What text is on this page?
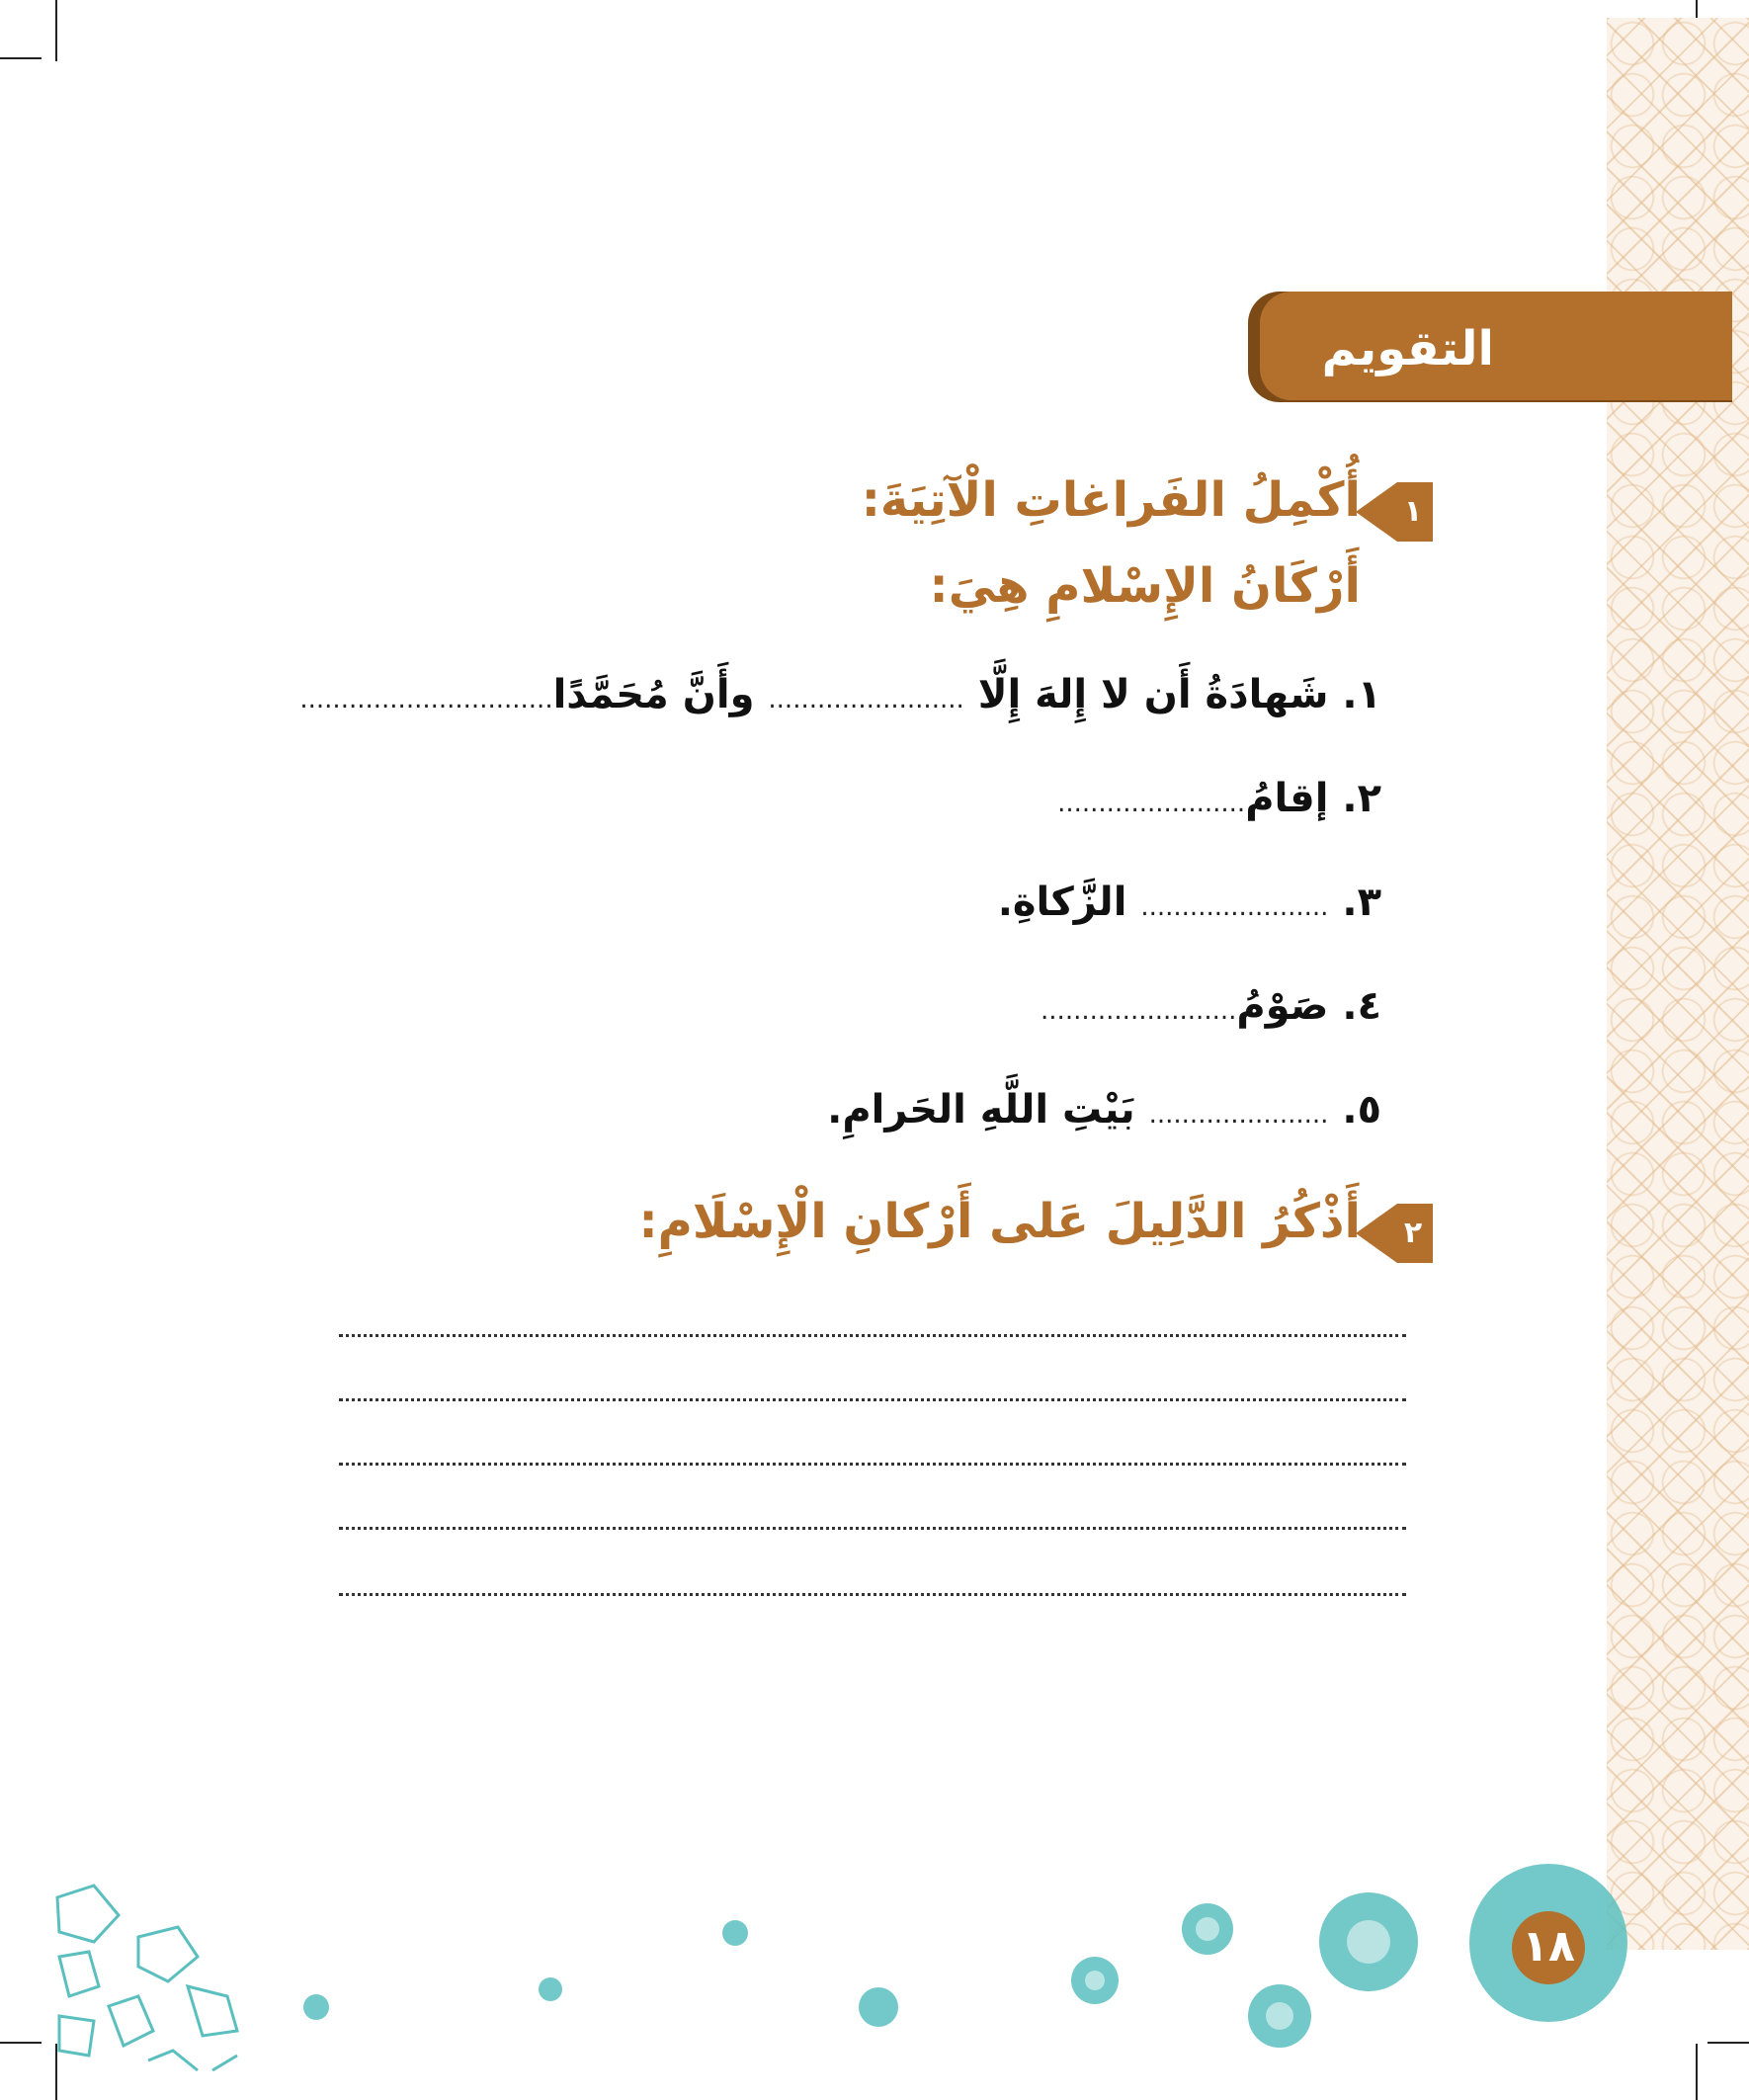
التقويم
١
أُكْمِلُ الفَراغاتِ الْآتِيَةَ:
أَرْكَانُ الإِسْلامِ هِيَ:
١. شَهادَةُ أَن لا إِلهَ إِلَّا ........................ وأَنَّ مُحَمَّدًا...............................
٢. إقامُ.......................
٣. ....................... الزَّكاةِ.
٤. صَوْمُ........................
٥. ...................... بَيْتِ اللَّهِ الحَرامِ.
٢
أَذْكُرُ الدَّلِيلَ عَلى أَرْكانِ الْإِسْلَامِ:
١٨
